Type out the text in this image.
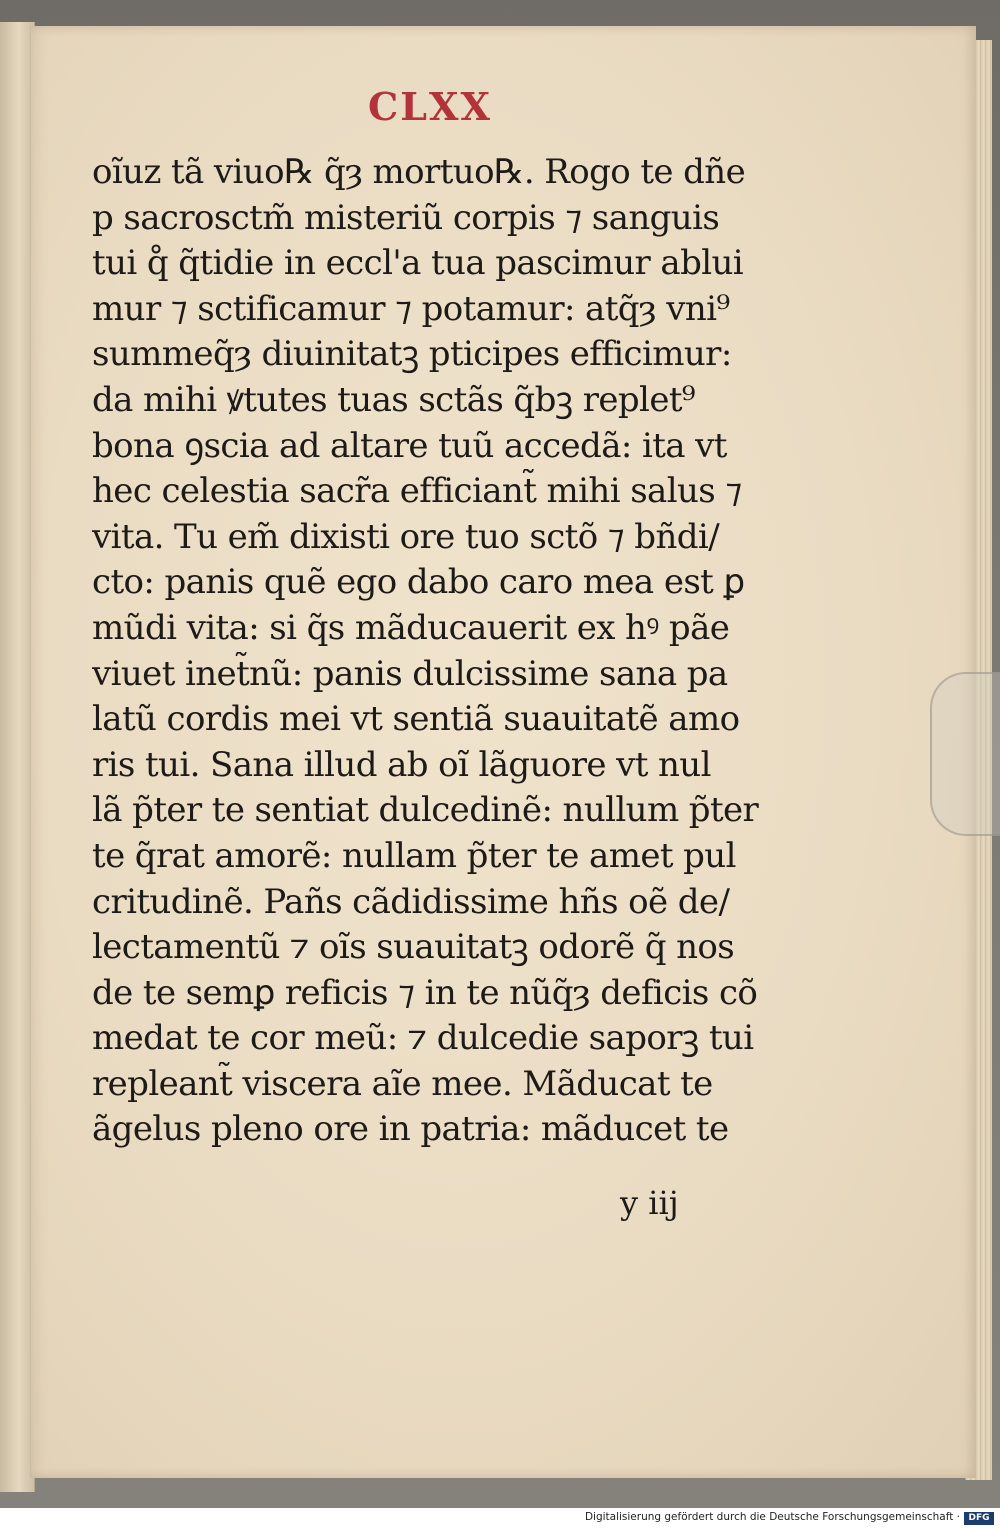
CLXX
oĩuz tã viuo℞ q̃ȝ mortuo℞. Rogo te dñe
p sacrosctm̃ misteriũ corpis ⁊ sanguis
tui q̊ q̃tidie in eccl'a tua pascimur ablui
mur ⁊ sctificamur ⁊ potamur: atq̃ȝ vni⁹
summeq̃ȝ diuinitatꝫ pticipes efficimur:
da mihi ꝟtutes tuas sctãs q̃bꝫ replet⁹
bona ꝯscia ad altare tuũ accedã: ita vt
hec celestia sacr̃a efficiant̃ mihi salus ⁊
vita. Tu em̃ dixisti ore tuo sctõ ⁊ bñdi/
cto: panis quẽ ego dabo caro mea est ꝑ
mũdi vita: si q̃s mãducauerit ex hꝰ pãe
viuet inet̃nũ: panis dulcissime sana pa
latũ cordis mei vt sentiã suauitatẽ amo
ris tui. Sana illud ab oĩ lãguore vt nul
lã p̃ter te sentiat dulcedinẽ: nullum p̃ter
te q̃rat amorẽ: nullam p̃ter te amet pul
critudinẽ. Pañs cãdidissime hñs oẽ de/
lectamentũ ⁊ oĩs suauitatꝫ odorẽ q̃ nos
de te semꝑ reficis ⁊ in te nũq̃ȝ deficis cõ
medat te cor meũ: ⁊ dulcedie saporꝫ tui
repleant̃ viscera aĩe mee. Mãducat te
ãgelus pleno ore in patria: mãducet te
y iij
Digitalisierung gefördert durch die Deutsche Forschungsgemeinschaft · DFG
